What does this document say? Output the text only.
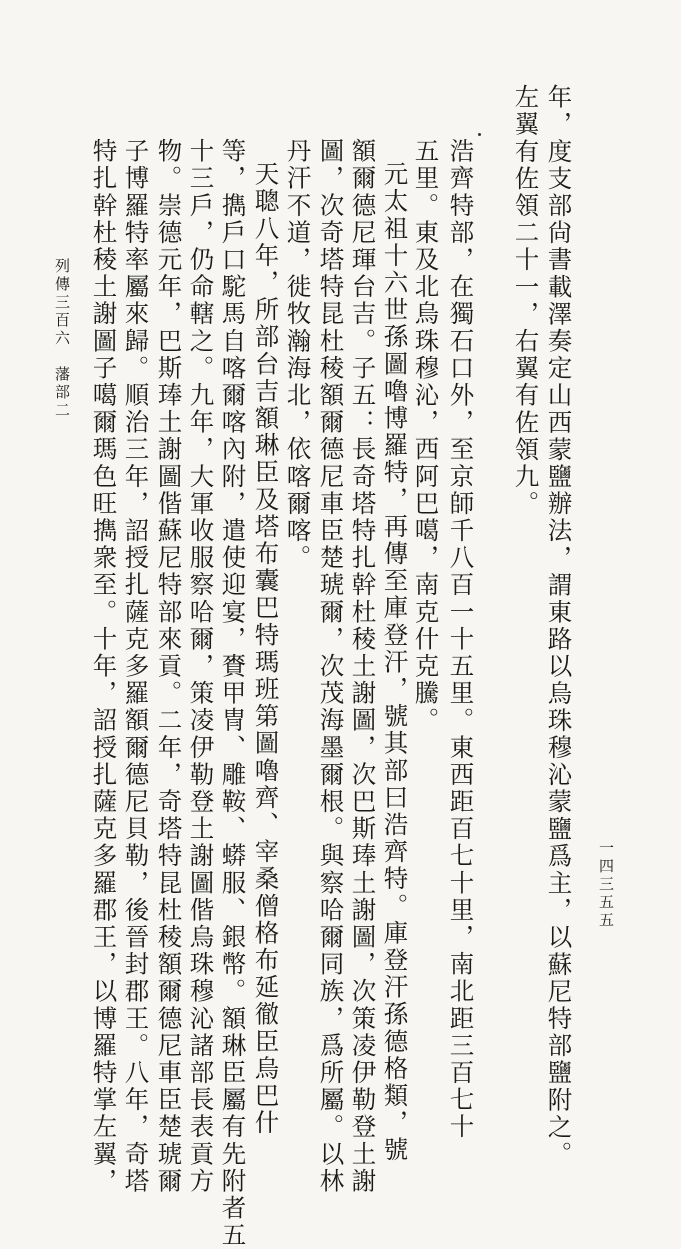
年，度支部尙書載澤奏定山西蒙鹽辦法，謂東路以烏珠穆沁蒙鹽爲主，以蘇尼特部鹽附之。
左翼有佐領二十一，右翼有佐領九。
浩齊特部，在獨石口外，至京師千八百一十五里。東西距百七十里，南北距三百七十
五里。東及北烏珠穆沁，西阿巴噶，南克什克騰。
元太祖十六世孫圖嚕博羅特，再傳至庫登汗，號其部曰浩齊特。庫登汗孫德格類，號
額爾德尼琿台吉。子五：長奇塔特扎幹杜稜土謝圖，次巴斯琫土謝圖，次策凌伊勒登土謝
圖，次奇塔特昆杜稜額爾德尼車臣楚琥爾，次茂海墨爾根。與察哈爾同族，爲所屬。以林
丹汗不道，徙牧瀚海北，依喀爾喀。
天聰八年，所部台吉額琳臣及塔布囊巴特瑪班第圖嚕齊、宰桑僧格布延徹臣烏巴什
等，擕戶口駝馬自喀爾喀內附，遣使迎宴，賚甲冑、雕鞍、蟒服、銀幣。額琳臣屬有先附者五
十三戶，仍命轄之。九年，大軍收服察哈爾，策凌伊勒登土謝圖偕烏珠穆沁諸部長表貢方
物。崇德元年，巴斯琫土謝圖偕蘇尼特部來貢。二年，奇塔特昆杜稜額爾德尼車臣楚琥爾
子博羅特率屬來歸。順治三年，詔授扎薩克多羅額爾德尼貝勒，後晉封郡王。八年，奇塔
特扎幹杜稜土謝圖子噶爾瑪色旺擕衆至。十年，詔授扎薩克多羅郡王，以博羅特掌左翼，
列傳三百六　藩部二
一四三五五
